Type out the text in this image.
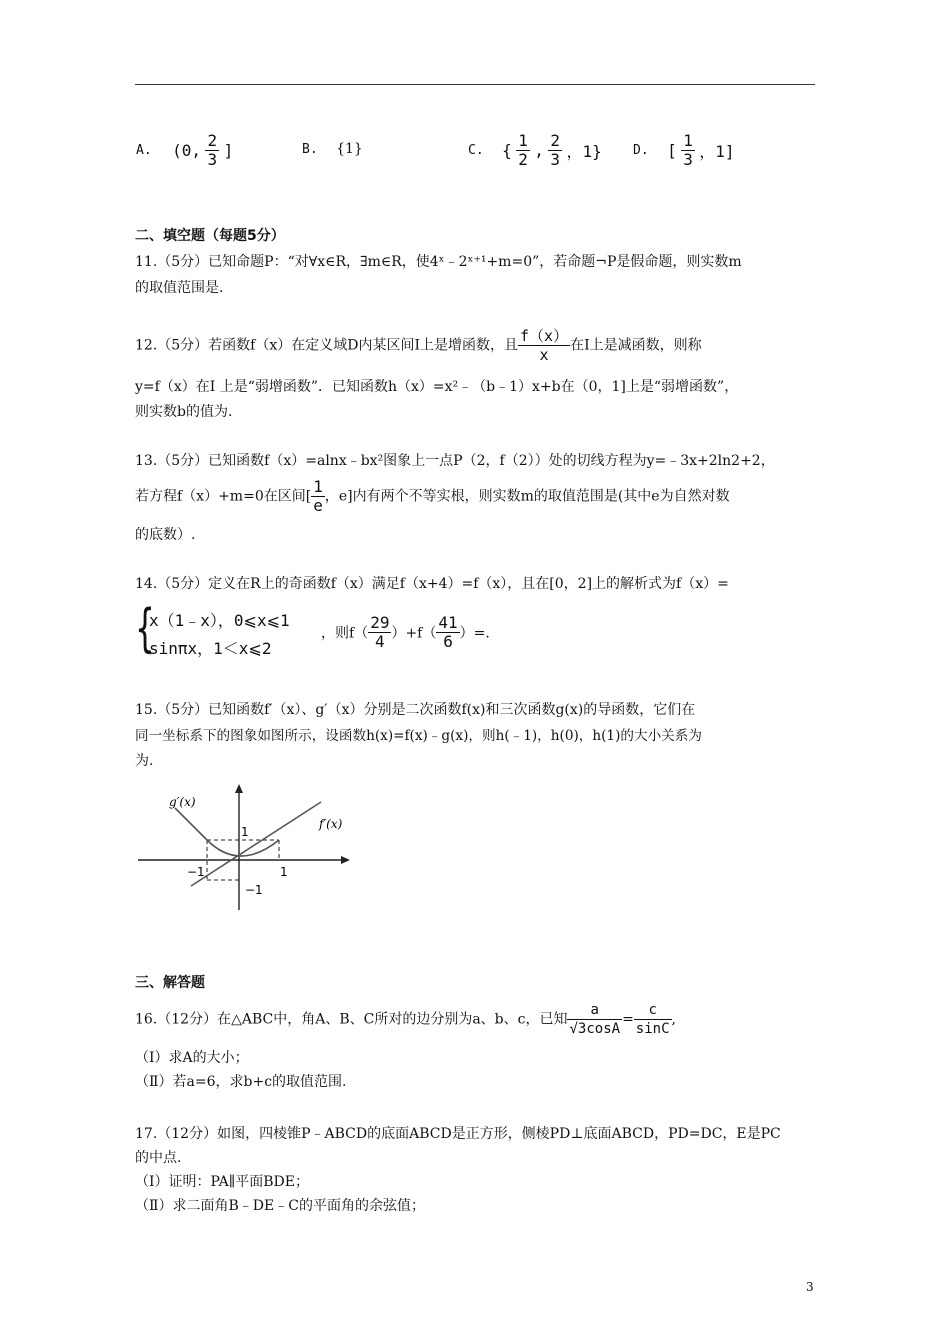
A. (0, $\frac{2}{3}$ ]	B. {1}	C. { $\frac{1}{2}$ , $\frac{2}{3}$ ，1} D. [ $\frac{1}{3}$ ，1]
二、填空题（每题5分）
11.（5分）已知命题P：“对∀x∈R，∃m∈R，使4ˣ﹣2ˣ⁺¹+m=0”，若命题¬P是假命题，则实数m
的取值范围是.
12.（5分）若函数f（x）在定义域D内某区间I上是增函数，且 $\frac{f(x)}{x}$ 在I上是减函数，则称
y=f（x）在I 上是“弱增函数”．已知函数h（x）=x²﹣（b﹣1）x+b在（0，1]上是“弱增函数”，
则实数b的值为.
13.（5分）已知函数f（x）=alnx﹣bx²图象上一点P（2，f（2））处的切线方程为y=﹣3x+2ln2+2，
若方程f（x）+m=0在区间[ $\frac{1}{e}$ ，e]内有两个不等实根，则实数m的取值范围是(其中e为自然对数
的底数）.
14.（5分）定义在R上的奇函数f（x）满足f（x+4）=f（x），且在[0，2]上的解析式为f（x）=
{
x（1﹣x），0⩽x⩽1
sinπx，1＜x⩽2
，则$f( \frac{29}{4} )+f( \frac{41}{6}$ ）=.
15.（5分）已知函数f′（x）、g′（x）分别是二次函数f(x)和三次函数g(x)的导函数，它们在
同一坐标系下的图象如图所示，设函数h(x)=f(x)﹣g(x)，则h(﹣1)，h(0)，h(1)的大小关系为
为.
g′(x)
f′(x)
−1	1
1
−1
三、解答题
16.（12分）在△ABC中，角A、B、C所对的边分别为a、b、c，已知 $\frac{a}{√3\cos A} = \frac{c}{\sin C}$ ,
（Ⅰ）求A的大小；
（Ⅱ）若a=6，求b+c的取值范围.
17.（12分）如图，四棱锥P﹣ABCD的底面ABCD是正方形，侧棱PD⊥底面ABCD，PD=DC，E是PC
的中点.
（Ⅰ）证明：PA∥平面BDE；
（Ⅱ）求二面角B﹣DE﹣C的平面角的余弦值；
3
